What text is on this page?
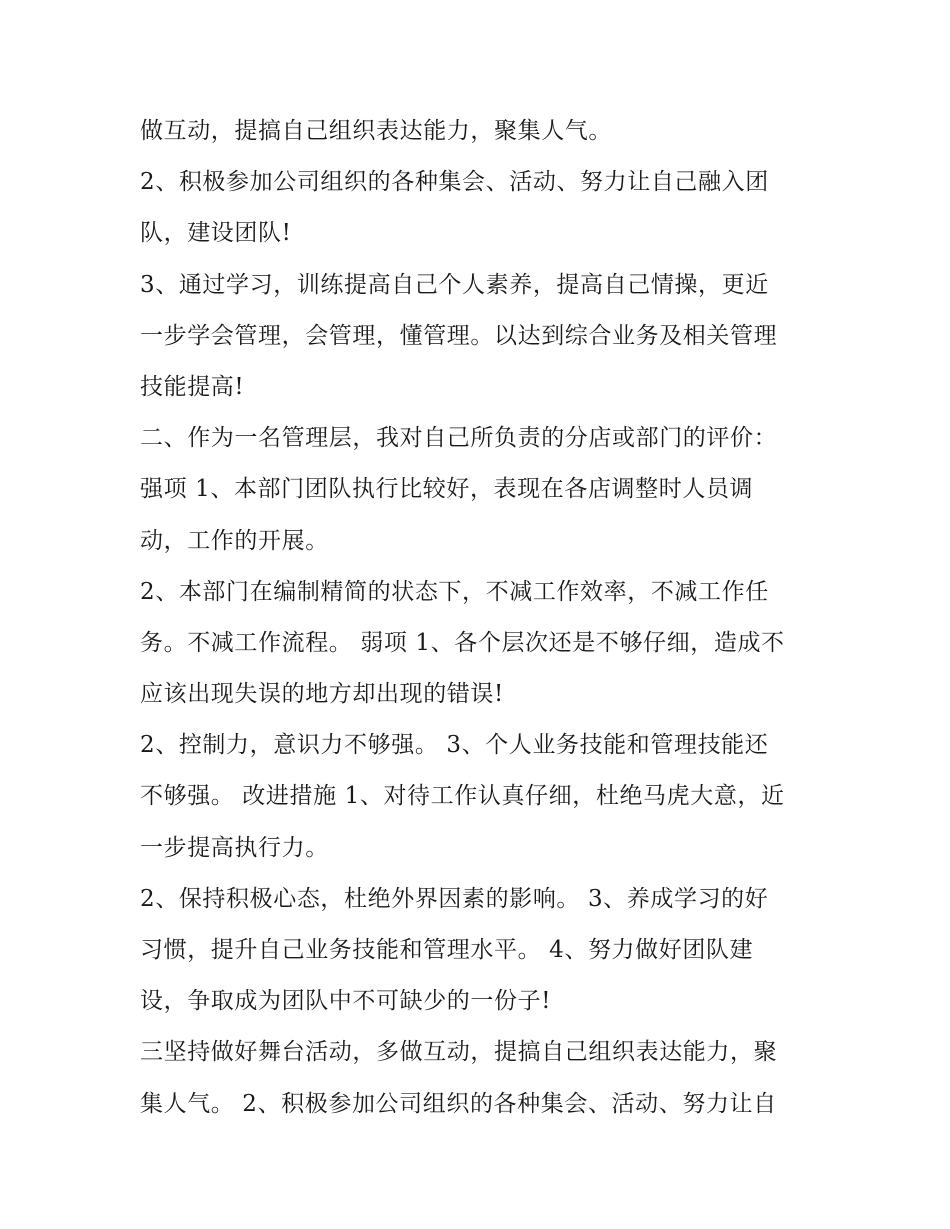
做互动，提搞自己组织表达能力，聚集人气。
2、积极参加公司组织的各种集会、活动、努力让自己融入团
队，建设团队!
3、通过学习，训练提高自己个人素养，提高自己情操，更近
一步学会管理，会管理，懂管理。以达到综合业务及相关管理
技能提高!
二、作为一名管理层，我对自己所负责的分店或部门的评价：
强项 1、本部门团队执行比较好，表现在各店调整时人员调
动，工作的开展。
2、本部门在编制精简的状态下，不减工作效率，不减工作任
务。不减工作流程。 弱项 1、各个层次还是不够仔细，造成不
应该出现失误的地方却出现的错误!
2、控制力，意识力不够强。 3、个人业务技能和管理技能还
不够强。 改进措施 1、对待工作认真仔细，杜绝马虎大意，近
一步提高执行力。
2、保持积极心态，杜绝外界因素的影响。 3、养成学习的好
习惯，提升自己业务技能和管理水平。 4、努力做好团队建
设，争取成为团队中不可缺少的一份子!
三坚持做好舞台活动，多做互动，提搞自己组织表达能力，聚
集人气。 2、积极参加公司组织的各种集会、活动、努力让自
